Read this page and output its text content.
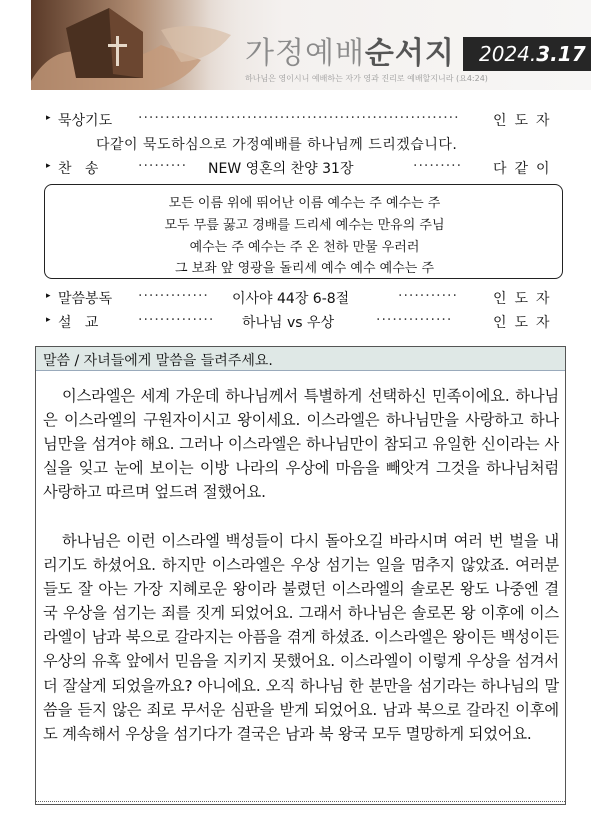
가정예배순서지 2024.3.17
하나님은 영이시니 예배하는 자가 영과 진리로 예배할지니라 (요4:24)
▸ 묵상기도 ···························································	인도자
다같이 묵도하심으로 가정예배를 하나님께 드리겠습니다.
▸ 찬   송	·········	NEW 영혼의 찬양 31장	·········	다같이
모든 이름 위에 뛰어난 이름 예수는 주 예수는 주
모두 무릎 꿇고 경배를 드리세 예수는 만유의 주님
예수는 주 예수는 주 온 천하 만물 우러러
그 보좌 앞 영광을 돌리세 예수 예수 예수는 주
▸ 말씀봉독 ·············	이사야 44장 6-8절	···········	인도자
▸ 설   교	··············	하나님 vs 우상	··············	인도자
말씀 / 자녀들에게 말씀을 들려주세요.
이스라엘은 세계 가운데 하나님께서 특별하게 선택하신 민족이에요. 하나님은 이스라엘의 구원자이시고 왕이세요. 이스라엘은 하나님만을 사랑하고 하나님만을 섬겨야 해요. 그러나 이스라엘은 하나님만이 참되고 유일한 신이라는 사실을 잊고 눈에 보이는 이방 나라의 우상에 마음을 빼앗겨 그것을 하나님처럼 사랑하고 따르며 엎드려 절했어요.
하나님은 이런 이스라엘 백성들이 다시 돌아오길 바라시며 여러 번 벌을 내리기도 하셨어요. 하지만 이스라엘은 우상 섬기는 일을 멈추지 않았죠. 여러분들도 잘 아는 가장 지혜로운 왕이라 불렸던 이스라엘의 솔로몬 왕도 나중엔 결국 우상을 섬기는 죄를 짓게 되었어요. 그래서 하나님은 솔로몬 왕 이후에 이스라엘이 남과 북으로 갈라지는 아픔을 겪게 하셨죠. 이스라엘은 왕이든 백성이든 우상의 유혹 앞에서 믿음을 지키지 못했어요. 이스라엘이 이렇게 우상을 섬겨서 더 잘살게 되었을까요? 아니에요. 오직 하나님 한 분만을 섬기라는 하나님의 말씀을 듣지 않은 죄로 무서운 심판을 받게 되었어요. 남과 북으로 갈라진 이후에도 계속해서 우상을 섬기다가 결국은 남과 북 왕국 모두 멸망하게 되었어요.
